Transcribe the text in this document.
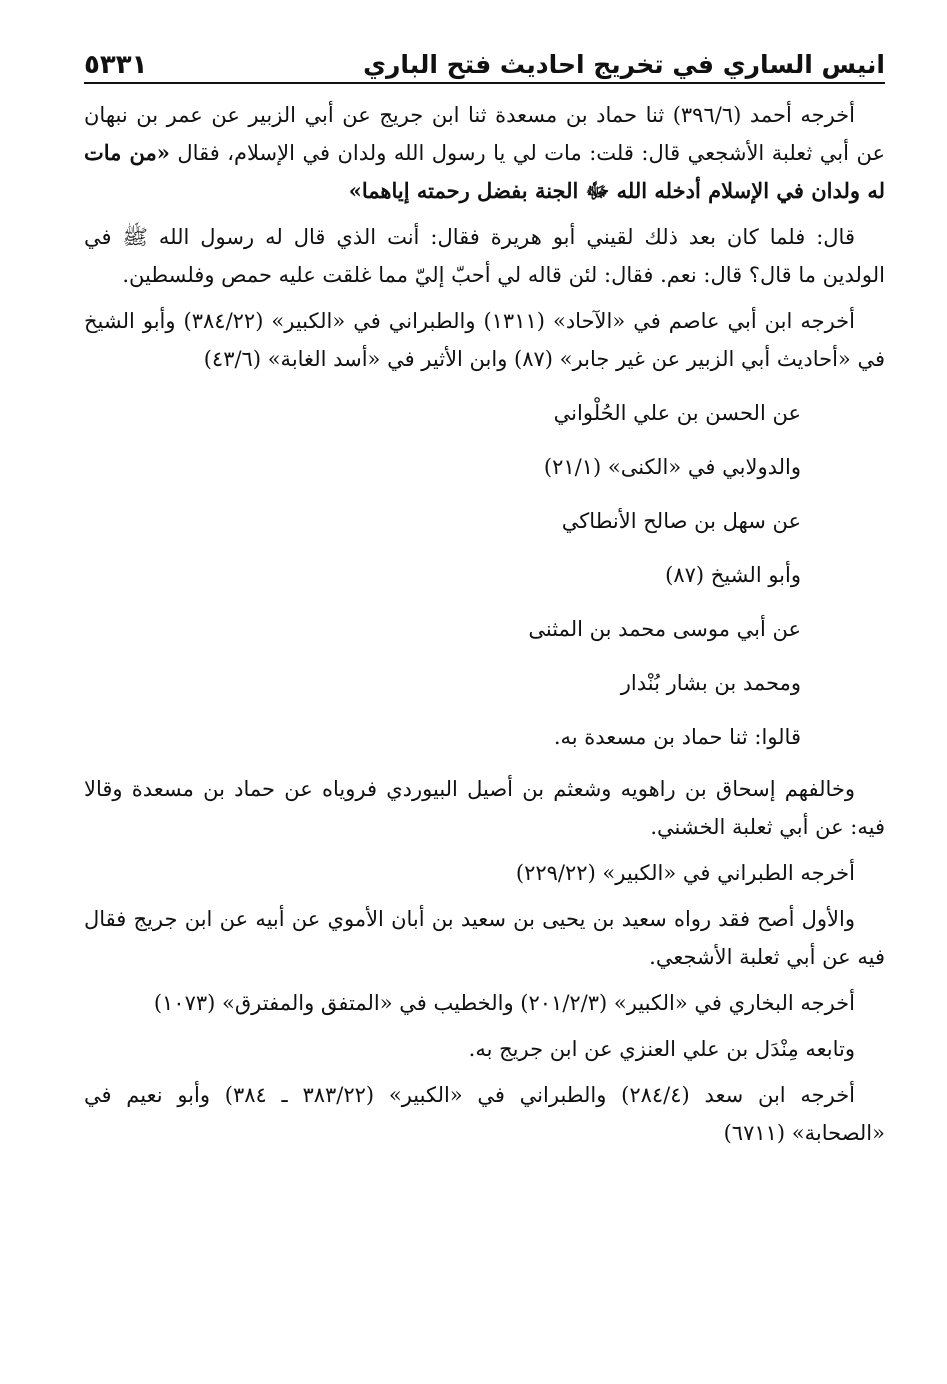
انيس الساري في تخريج احاديث فتح الباري
٥٣٣١

أخرجه أحمد (٣٩٦/٦) ثنا حماد بن مسعدة ثنا ابن جريج عن أبي الزبير عن عمر بن نبهان عن أبي ثعلبة الأشجعي قال: قلت: مات لي يا رسول الله ولدان في الإسلام، فقال «من مات له ولدان في الإسلام أدخله الله ﷻ الجنة بفضل رحمته إياهما»

قال: فلما كان بعد ذلك لقيني أبو هريرة فقال: أنت الذي قال له رسول الله ﷺ في الولدين ما قال؟ قال: نعم. فقال: لئن قاله لي أحبّ إليّ مما غلقت عليه حمص وفلسطين.

أخرجه ابن أبي عاصم في «الآحاد» (١٣١١) والطبراني في «الكبير» (٣٨٤/٢٢) وأبو الشيخ في «أحاديث أبي الزبير عن غير جابر» (٨٧) وابن الأثير في «أسد الغابة» (٤٣/٦)

عن الحسن بن علي الحُلْواني

والدولابي في «الكنى» (٢١/١)

عن سهل بن صالح الأنطاكي

وأبو الشيخ (٨٧)

عن أبي موسى محمد بن المثنى

ومحمد بن بشار بُنْدار

قالوا: ثنا حماد بن مسعدة به.

وخالفهم إسحاق بن راهويه وشعثم بن أصيل البيوردي فروياه عن حماد بن مسعدة وقالا فيه: عن أبي ثعلبة الخشني.

أخرجه الطبراني في «الكبير» (٢٢٩/٢٢)

والأول أصح فقد رواه سعيد بن يحيى بن سعيد بن أبان الأموي عن أبيه عن ابن جريج فقال فيه عن أبي ثعلبة الأشجعي.

أخرجه البخاري في «الكبير» (٢٠١/٢/٣) والخطيب في «المتفق والمفترق» (١٠٧٣)

وتابعه مِنْدَل بن علي العنزي عن ابن جريج به.

أخرجه ابن سعد (٢٨٤/٤) والطبراني في «الكبير» (٣٨٣/٢٢ ـ ٣٨٤) وأبو نعيم في «الصحابة» (٦٧١١)
